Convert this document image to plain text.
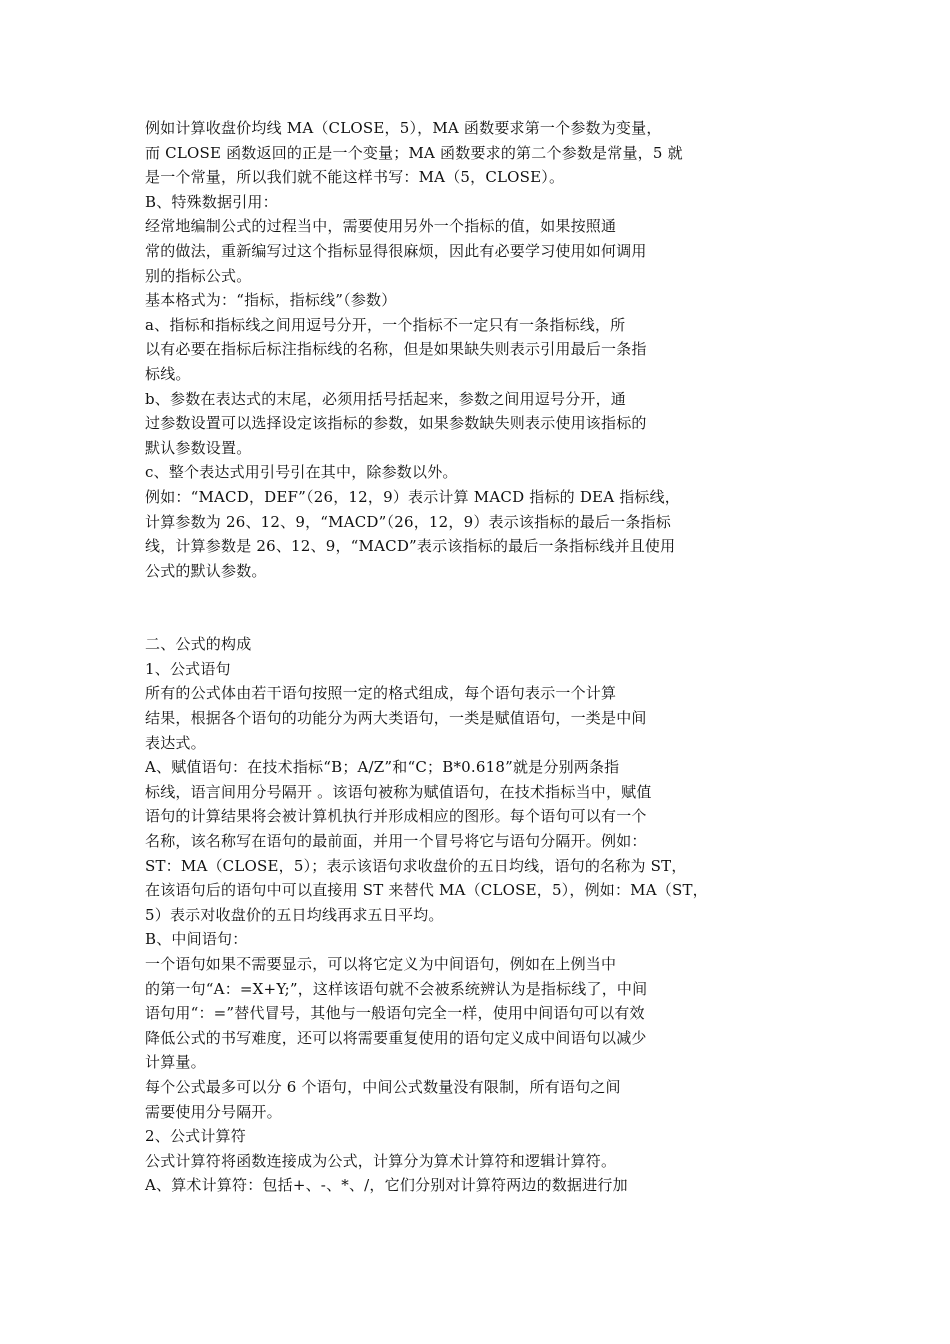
例如计算收盘价均线 MA（CLOSE，5），MA 函数要求第一个参数为变量，
而 CLOSE 函数返回的正是一个变量；MA 函数要求的第二个参数是常量，5 就
是一个常量，所以我们就不能这样书写：MA（5，CLOSE）。
B、特殊数据引用：
经常地编制公式的过程当中，需要使用另外一个指标的值，如果按照通
常的做法，重新编写过这个指标显得很麻烦，因此有必要学习使用如何调用
别的指标公式。
基本格式为：“指标，指标线”（参数）
a、指标和指标线之间用逗号分开，一个指标不一定只有一条指标线，所
以有必要在指标后标注指标线的名称，但是如果缺失则表示引用最后一条指
标线。
b、参数在表达式的末尾，必须用括号括起来，参数之间用逗号分开，通
过参数设置可以选择设定该指标的参数，如果参数缺失则表示使用该指标的
默认参数设置。
c、整个表达式用引号引在其中，除参数以外。
例如：“MACD，DEF”（26，12，9）表示计算 MACD 指标的 DEA 指标线，
计算参数为 26、12、9，“MACD”（26，12，9）表示该指标的最后一条指标
线，计算参数是 26、12、9，“MACD”表示该指标的最后一条指标线并且使用
公式的默认参数。
二、公式的构成
1、公式语句
所有的公式体由若干语句按照一定的格式组成，每个语句表示一个计算
结果，根据各个语句的功能分为两大类语句，一类是赋值语句，一类是中间
表达式。
A、赋值语句：在技术指标“B；A/Z”和“C；B*0.618”就是分别两条指
标线，语言间用分号隔开 。该语句被称为赋值语句，在技术指标当中，赋值
语句的计算结果将会被计算机执行并形成相应的图形。每个语句可以有一个
名称，该名称写在语句的最前面，并用一个冒号将它与语句分隔开。例如：
ST：MA（CLOSE，5）；表示该语句求收盘价的五日均线，语句的名称为 ST，
在该语句后的语句中可以直接用 ST 来替代 MA（CLOSE，5），例如：MA（ST，
5）表示对收盘价的五日均线再求五日平均。
B、中间语句：
一个语句如果不需要显示，可以将它定义为中间语句，例如在上例当中
的第一句“A：=X+Y;”，这样该语句就不会被系统辨认为是指标线了，中间
语句用“：=”替代冒号，其他与一般语句完全一样，使用中间语句可以有效
降低公式的书写难度，还可以将需要重复使用的语句定义成中间语句以减少
计算量。
每个公式最多可以分 6 个语句，中间公式数量没有限制，所有语句之间
需要使用分号隔开。
2、公式计算符
公式计算符将函数连接成为公式，计算分为算术计算符和逻辑计算符。
A、算术计算符：包括+、-、*、/，它们分别对计算符两边的数据进行加
